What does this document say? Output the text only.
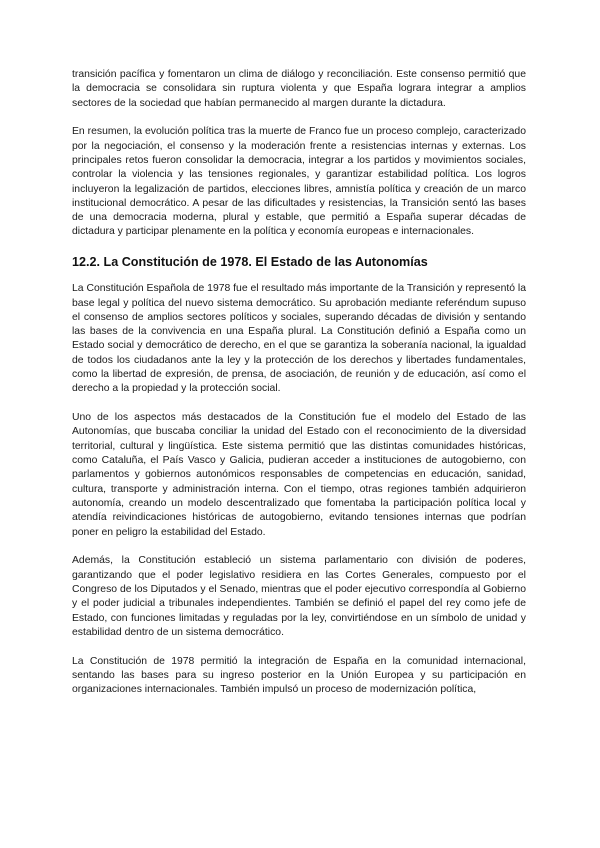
transición pacífica y fomentaron un clima de diálogo y reconciliación. Este consenso permitió que la democracia se consolidara sin ruptura violenta y que España lograra integrar a amplios sectores de la sociedad que habían permanecido al margen durante la dictadura.

En resumen, la evolución política tras la muerte de Franco fue un proceso complejo, caracterizado por la negociación, el consenso y la moderación frente a resistencias internas y externas. Los principales retos fueron consolidar la democracia, integrar a los partidos y movimientos sociales, controlar la violencia y las tensiones regionales, y garantizar estabilidad política. Los logros incluyeron la legalización de partidos, elecciones libres, amnistía política y creación de un marco institucional democrático. A pesar de las dificultades y resistencias, la Transición sentó las bases de una democracia moderna, plural y estable, que permitió a España superar décadas de dictadura y participar plenamente en la política y economía europeas e internacionales.

12.2. La Constitución de 1978. El Estado de las Autonomías

La Constitución Española de 1978 fue el resultado más importante de la Transición y representó la base legal y política del nuevo sistema democrático. Su aprobación mediante referéndum supuso el consenso de amplios sectores políticos y sociales, superando décadas de división y sentando las bases de la convivencia en una España plural. La Constitución definió a España como un Estado social y democrático de derecho, en el que se garantiza la soberanía nacional, la igualdad de todos los ciudadanos ante la ley y la protección de los derechos y libertades fundamentales, como la libertad de expresión, de prensa, de asociación, de reunión y de educación, así como el derecho a la propiedad y la protección social.

Uno de los aspectos más destacados de la Constitución fue el modelo del Estado de las Autonomías, que buscaba conciliar la unidad del Estado con el reconocimiento de la diversidad territorial, cultural y lingüística. Este sistema permitió que las distintas comunidades históricas, como Cataluña, el País Vasco y Galicia, pudieran acceder a instituciones de autogobierno, con parlamentos y gobiernos autonómicos responsables de competencias en educación, sanidad, cultura, transporte y administración interna. Con el tiempo, otras regiones también adquirieron autonomía, creando un modelo descentralizado que fomentaba la participación política local y atendía reivindicaciones históricas de autogobierno, evitando tensiones internas que podrían poner en peligro la estabilidad del Estado.

Además, la Constitución estableció un sistema parlamentario con división de poderes, garantizando que el poder legislativo residiera en las Cortes Generales, compuesto por el Congreso de los Diputados y el Senado, mientras que el poder ejecutivo correspondía al Gobierno y el poder judicial a tribunales independientes. También se definió el papel del rey como jefe de Estado, con funciones limitadas y reguladas por la ley, convirtiéndose en un símbolo de unidad y estabilidad dentro de un sistema democrático.

La Constitución de 1978 permitió la integración de España en la comunidad internacional, sentando las bases para su ingreso posterior en la Unión Europea y su participación en organizaciones internacionales. También impulsó un proceso de modernización política,
